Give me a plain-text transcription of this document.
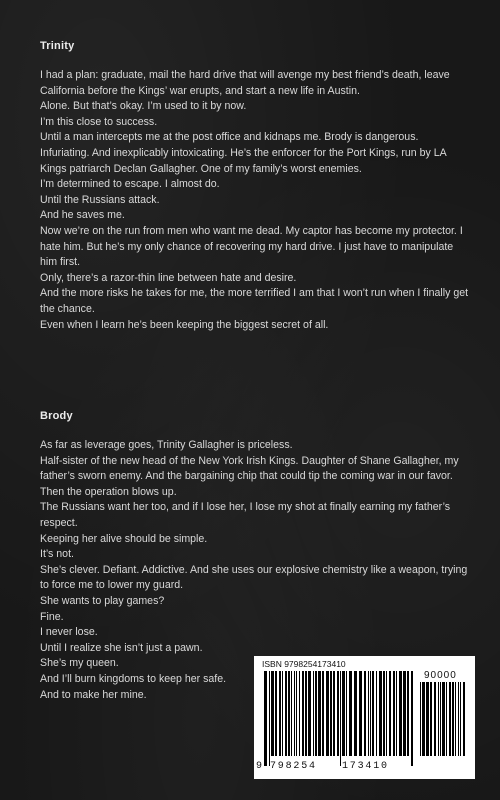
Trinity

I had a plan: graduate, mail the hard drive that will avenge my best friend’s death, leave California before the Kings’ war erupts, and start a new life in Austin.

Alone. But that’s okay. I’m used to it by now.

I’m this close to success.

Until a man intercepts me at the post office and kidnaps me. Brody is dangerous. Infuriating. And inexplicably intoxicating. He’s the enforcer for the Port Kings, run by LA Kings patriarch Declan Gallagher. One of my family’s worst enemies.

I’m determined to escape. I almost do.

Until the Russians attack.

And he saves me.

Now we’re on the run from men who want me dead. My captor has become my protector. I hate him. But he’s my only chance of recovering my hard drive. I just have to manipulate him first.

Only, there’s a razor-thin line between hate and desire.

And the more risks he takes for me, the more terrified I am that I won’t run when I finally get the chance.

Even when I learn he’s been keeping the biggest secret of all.

Brody

As far as leverage goes, Trinity Gallagher is priceless.

Half-sister of the new head of the New York Irish Kings. Daughter of Shane Gallagher, my father’s sworn enemy. And the bargaining chip that could tip the coming war in our favor.

Then the operation blows up.

The Russians want her too, and if I lose her, I lose my shot at finally earning my father’s respect.

Keeping her alive should be simple.

It’s not.

She’s clever. Defiant. Addictive. And she uses our explosive chemistry like a weapon, trying to force me to lower my guard.

She wants to play games?

Fine.

I never lose.

Until I realize she isn’t just a pawn.

She’s my queen.

And I’ll burn kingdoms to keep her safe.

And to make her mine.

ISBN 9798254173410
90000
9 798254	173410
